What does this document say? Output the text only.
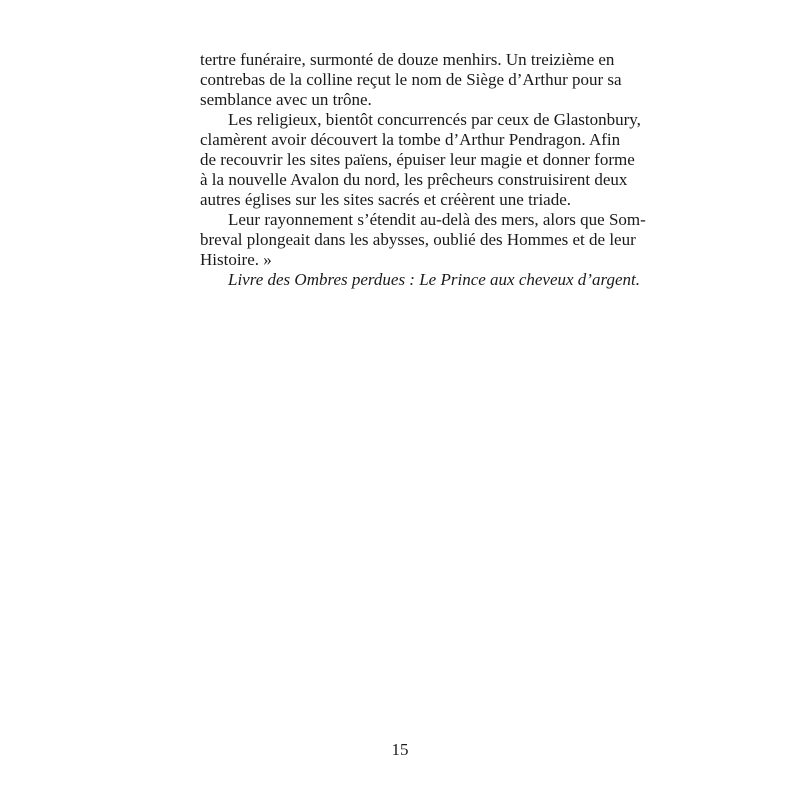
tertre funéraire, surmonté de douze menhirs. Un treizième en
contrebas de la colline reçut le nom de Siège d’Arthur pour sa
semblance avec un trône.

Les religieux, bientôt concurrencés par ceux de Glastonbury,
clamèrent avoir découvert la tombe d’Arthur Pendragon. Afin
de recouvrir les sites païens, épuiser leur magie et donner forme
à la nouvelle Avalon du nord, les prêcheurs construisirent deux
autres églises sur les sites sacrés et créèrent une triade.

Leur rayonnement s’étendit au-delà des mers, alors que Som-
breval plongeait dans les abysses, oublié des Hommes et de leur
Histoire. »

Livre des Ombres perdues : Le Prince aux cheveux d’argent.

15
